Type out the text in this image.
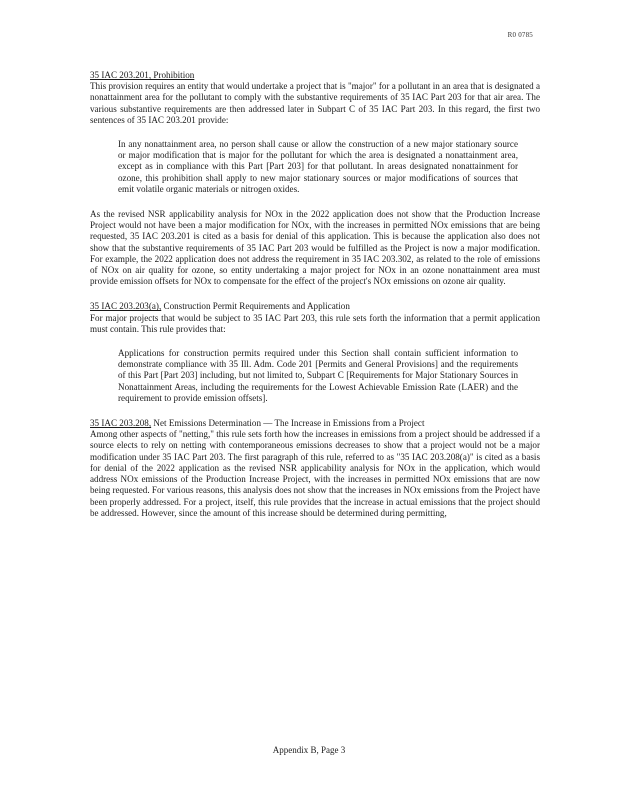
R0 0785
35 IAC 203.201, Prohibition

This provision requires an entity that would undertake a project that is "major" for a pollutant in an area that is designated a nonattainment area for the pollutant to comply with the substantive requirements of 35 IAC Part 203 for that air area. The various substantive requirements are then addressed later in Subpart C of 35 IAC Part 203. In this regard, the first two sentences of 35 IAC 203.201 provide:

In any nonattainment area, no person shall cause or allow the construction of a new major stationary source or major modification that is major for the pollutant for which the area is designated a nonattainment area, except as in compliance with this Part [Part 203] for that pollutant. In areas designated nonattainment for ozone, this prohibition shall apply to new major stationary sources or major modifications of sources that emit volatile organic materials or nitrogen oxides.

As the revised NSR applicability analysis for NOx in the 2022 application does not show that the Production Increase Project would not have been a major modification for NOx, with the increases in permitted NOx emissions that are being requested, 35 IAC 203.201 is cited as a basis for denial of this application. This is because the application also does not show that the substantive requirements of 35 IAC Part 203 would be fulfilled as the Project is now a major modification. For example, the 2022 application does not address the requirement in 35 IAC 203.302, as related to the role of emissions of NOx on air quality for ozone, so entity undertaking a major project for NOx in an ozone nonattainment area must provide emission offsets for NOx to compensate for the effect of the project's NOx emissions on ozone air quality.

35 IAC 203.203(a), Construction Permit Requirements and Application

For major projects that would be subject to 35 IAC Part 203, this rule sets forth the information that a permit application must contain. This rule provides that:

Applications for construction permits required under this Section shall contain sufficient information to demonstrate compliance with 35 Ill. Adm. Code 201 [Permits and General Provisions] and the requirements of this Part [Part 203] including, but not limited to, Subpart C [Requirements for Major Stationary Sources in Nonattainment Areas, including the requirements for the Lowest Achievable Emission Rate (LAER) and the requirement to provide emission offsets].

35 IAC 203.208, Net Emissions Determination — The Increase in Emissions from a Project

Among other aspects of "netting," this rule sets forth how the increases in emissions from a project should be addressed if a source elects to rely on netting with contemporaneous emissions decreases to show that a project would not be a major modification under 35 IAC Part 203. The first paragraph of this rule, referred to as "35 IAC 203.208(a)" is cited as a basis for denial of the 2022 application as the revised NSR applicability analysis for NOx in the application, which would address NOx emissions of the Production Increase Project, with the increases in permitted NOx emissions that are now being requested. For various reasons, this analysis does not show that the increases in NOx emissions from the Project have been properly addressed. For a project, itself, this rule provides that the increase in actual emissions that the project should be addressed. However, since the amount of this increase should be determined during permitting,

Appendix B, Page 3
